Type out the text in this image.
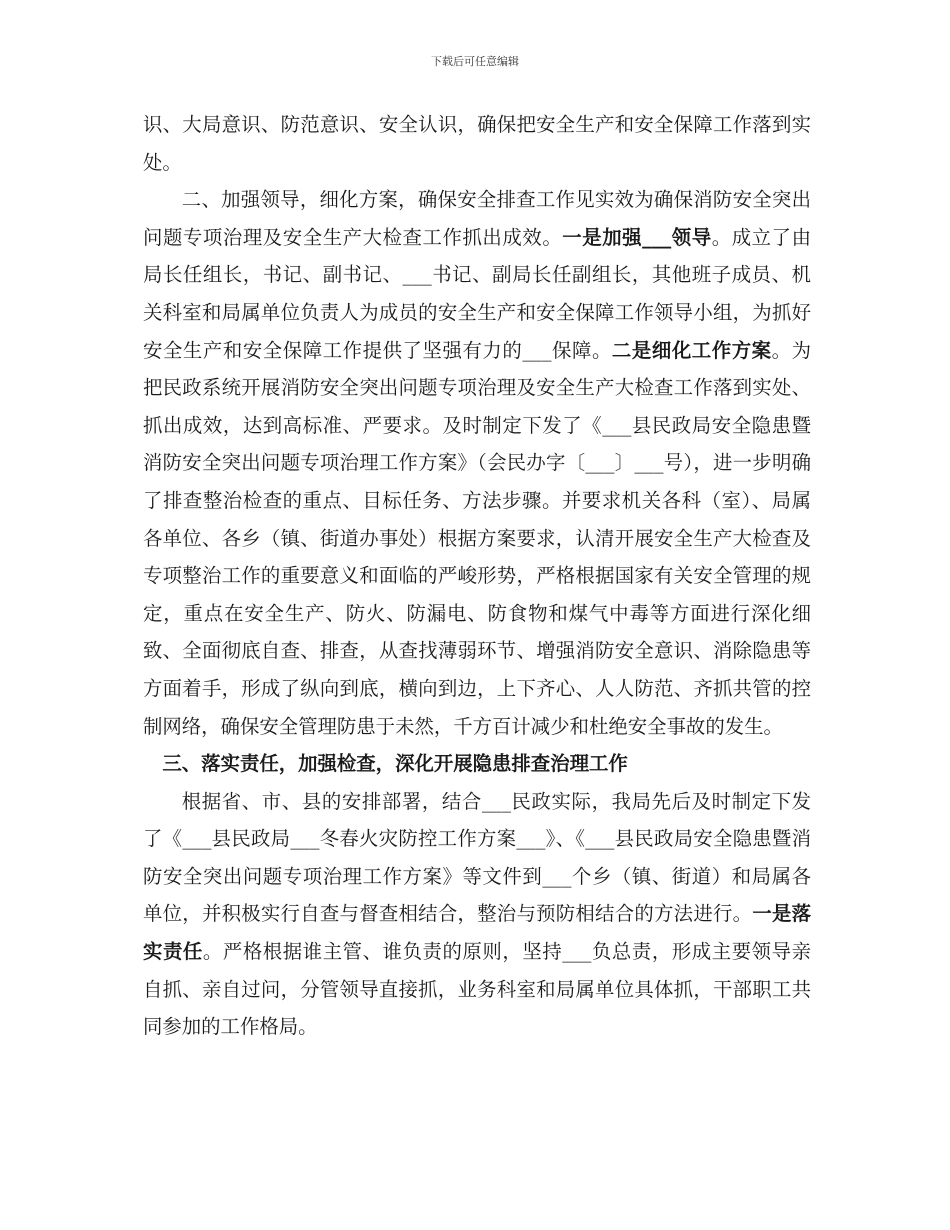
下载后可任意编辑

识、大局意识、防范意识、安全认识，确保把安全生产和安全保障工作落到实处。

二、加强领导，细化方案，确保安全排查工作见实效为确保消防安全突出问题专项治理及安全生产大检查工作抓出成效。一是加强___领导。成立了由局长任组长，书记、副书记、___书记、副局长任副组长，其他班子成员、机关科室和局属单位负责人为成员的安全生产和安全保障工作领导小组，为抓好安全生产和安全保障工作提供了坚强有力的___保障。二是细化工作方案。为把民政系统开展消防安全突出问题专项治理及安全生产大检查工作落到实处、抓出成效，达到高标准、严要求。及时制定下发了《___县民政局安全隐患暨消防安全突出问题专项治理工作方案》（会民办字〔___〕___号），进一步明确了排查整治检查的重点、目标任务、方法步骤。并要求机关各科（室）、局属各单位、各乡（镇、街道办事处）根据方案要求，认清开展安全生产大检查及专项整治工作的重要意义和面临的严峻形势，严格根据国家有关安全管理的规定，重点在安全生产、防火、防漏电、防食物和煤气中毒等方面进行深化细致、全面彻底自查、排查，从查找薄弱环节、增强消防安全意识、消除隐患等方面着手，形成了纵向到底，横向到边，上下齐心、人人防范、齐抓共管的控制网络，确保安全管理防患于未然，千方百计减少和杜绝安全事故的发生。

三、落实责任，加强检查，深化开展隐患排查治理工作

根据省、市、县的安排部署，结合___民政实际，我局先后及时制定下发了《___县民政局___冬春火灾防控工作方案___》、《___县民政局安全隐患暨消防安全突出问题专项治理工作方案》等文件到___个乡（镇、街道）和局属各单位，并积极实行自查与督查相结合，整治与预防相结合的方法进行。一是落实责任。严格根据谁主管、谁负责的原则，坚持___负总责，形成主要领导亲自抓、亲自过问，分管领导直接抓，业务科室和局属单位具体抓，干部职工共同参加的工作格局。
